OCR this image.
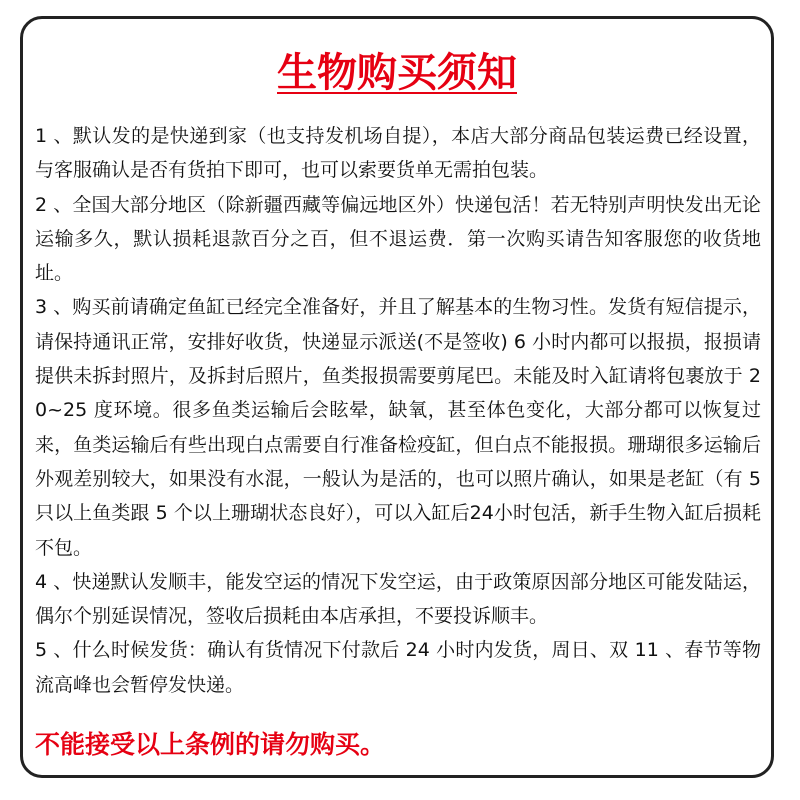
生物购买须知

1 、默认发的是快递到家（也支持发机场自提），本店大部分商品包装运费已经设置，与客服确认是否有货拍下即可，也可以索要货单无需拍包装。

2 、全国大部分地区（除新疆西藏等偏远地区外）快递包活！若无特别声明快发出无论运输多久，默认损耗退款百分之百，但不退运费．第一次购买请告知客服您的收货地址。

3 、购买前请确定鱼缸已经完全准备好，并且了解基本的生物习性。发货有短信提示，请保持通讯正常，安排好收货，快递显示派送(不是签收) 6 小时内都可以报损，报损请提供未拆封照片，及拆封后照片，鱼类报损需要剪尾巴。未能及时入缸请将包裹放于 20~25 度环境。很多鱼类运输后会眩晕，缺氧，甚至体色变化，大部分都可以恢复过来，鱼类运输后有些出现白点需要自行准备检疫缸，但白点不能报损。珊瑚很多运输后外观差别较大，如果没有水混，一般认为是活的，也可以照片确认，如果是老缸（有 5 只以上鱼类跟 5 个以上珊瑚状态良好），可以入缸后24小时包活，新手生物入缸后损耗不包。

4 、快递默认发顺丰，能发空运的情况下发空运，由于政策原因部分地区可能发陆运，偶尔个别延误情况，签收后损耗由本店承担，不要投诉顺丰。

5 、什么时候发货：确认有货情况下付款后 24 小时内发货，周日、双 11 、春节等物流高峰也会暂停发快递。

不能接受以上条例的请勿购买。
